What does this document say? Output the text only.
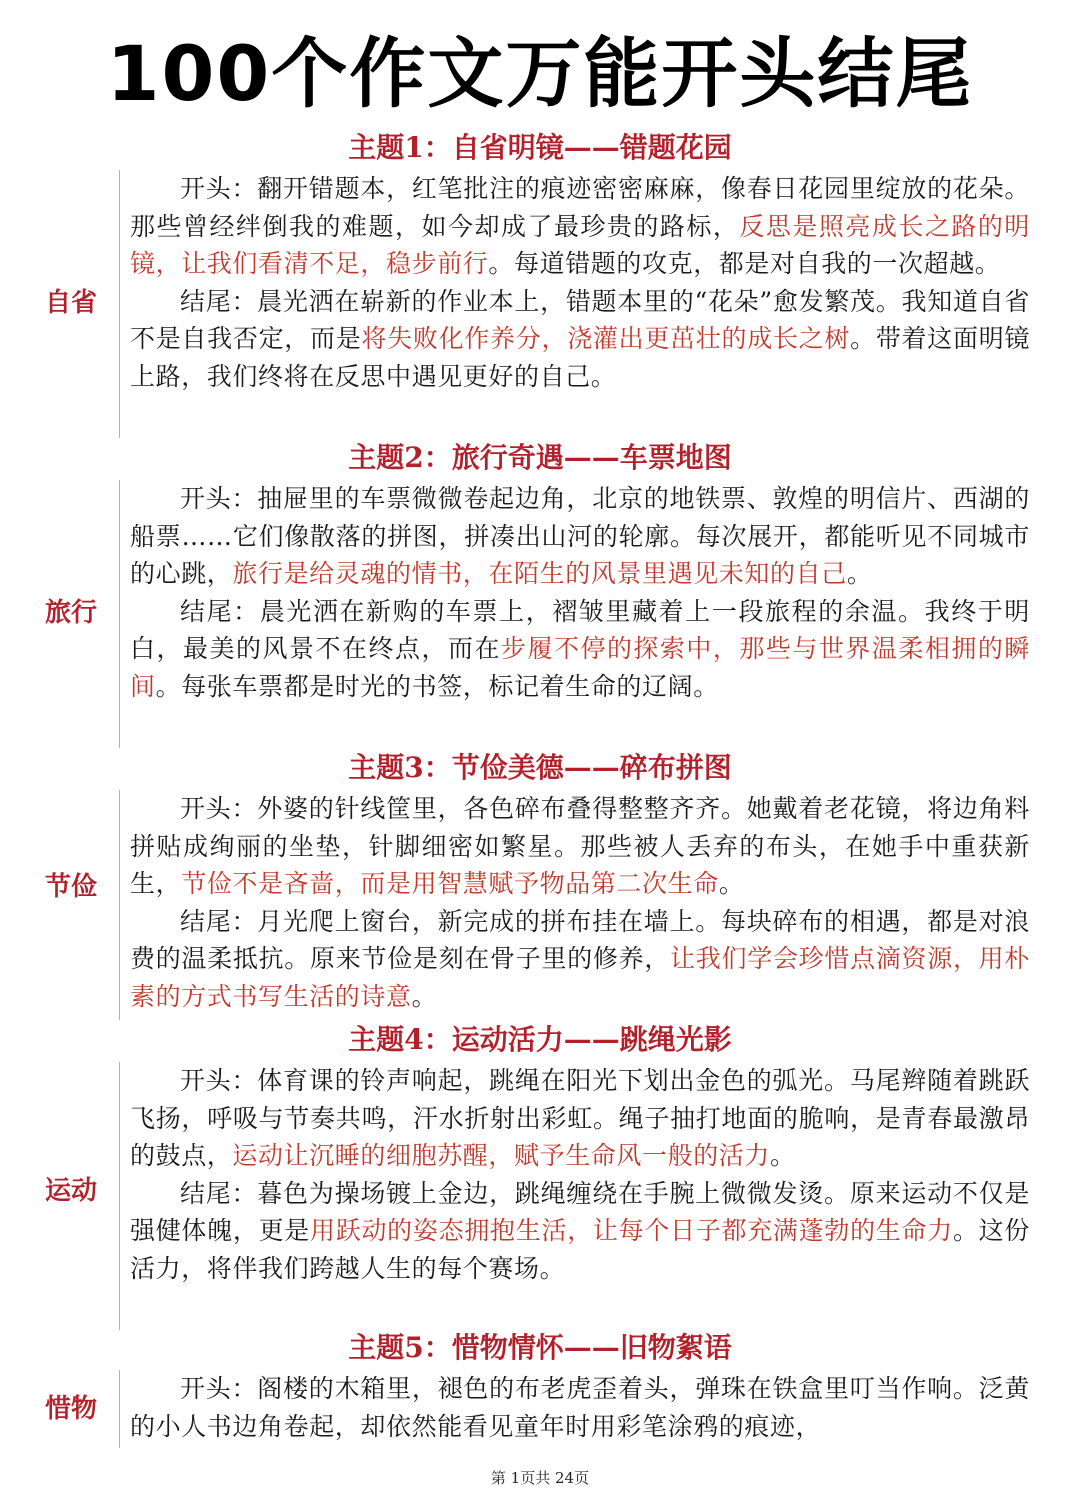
100个作文万能开头结尾
主题1：自省明镜——错题花园
自省

开头：翻开错题本，红笔批注的痕迹密密麻麻，像春日花园里绽放的花朵。那些曾经绊倒我的难题，如今却成了最珍贵的路标，反思是照亮成长之路的明镜，让我们看清不足，稳步前行。每道错题的攻克，都是对自我的一次超越。

结尾：晨光洒在崭新的作业本上，错题本里的“花朵”愈发繁茂。我知道自省不是自我否定，而是将失败化作养分，浇灌出更茁壮的成长之树。带着这面明镜上路，我们终将在反思中遇见更好的自己。

主题2：旅行奇遇——车票地图
旅行

开头：抽屉里的车票微微卷起边角，北京的地铁票、敦煌的明信片、西湖的船票……它们像散落的拼图，拼凑出山河的轮廓。每次展开，都能听见不同城市的心跳，旅行是给灵魂的情书，在陌生的风景里遇见未知的自己。

结尾：晨光洒在新购的车票上，褶皱里藏着上一段旅程的余温。我终于明白，最美的风景不在终点，而在步履不停的探索中，那些与世界温柔相拥的瞬间。每张车票都是时光的书签，标记着生命的辽阔。

主题3：节俭美德——碎布拼图
节俭

开头：外婆的针线筐里，各色碎布叠得整整齐齐。她戴着老花镜，将边角料拼贴成绚丽的坐垫，针脚细密如繁星。那些被人丢弃的布头，在她手中重获新生，节俭不是吝啬，而是用智慧赋予物品第二次生命。

结尾：月光爬上窗台，新完成的拼布挂在墙上。每块碎布的相遇，都是对浪费的温柔抵抗。原来节俭是刻在骨子里的修养，让我们学会珍惜点滴资源，用朴素的方式书写生活的诗意。

主题4：运动活力——跳绳光影
运动

开头：体育课的铃声响起，跳绳在阳光下划出金色的弧光。马尾辫随着跳跃飞扬，呼吸与节奏共鸣，汗水折射出彩虹。绳子抽打地面的脆响，是青春最激昂的鼓点，运动让沉睡的细胞苏醒，赋予生命风一般的活力。

结尾：暮色为操场镀上金边，跳绳缠绕在手腕上微微发烫。原来运动不仅是强健体魄，更是用跃动的姿态拥抱生活，让每个日子都充满蓬勃的生命力。这份活力，将伴我们跨越人生的每个赛场。

主题5：惜物情怀——旧物絮语
惜物

开头：阁楼的木箱里，褪色的布老虎歪着头，弹珠在铁盒里叮当作响。泛黄的小人书边角卷起，却依然能看见童年时用彩笔涂鸦的痕迹，

第 1页共 24页
